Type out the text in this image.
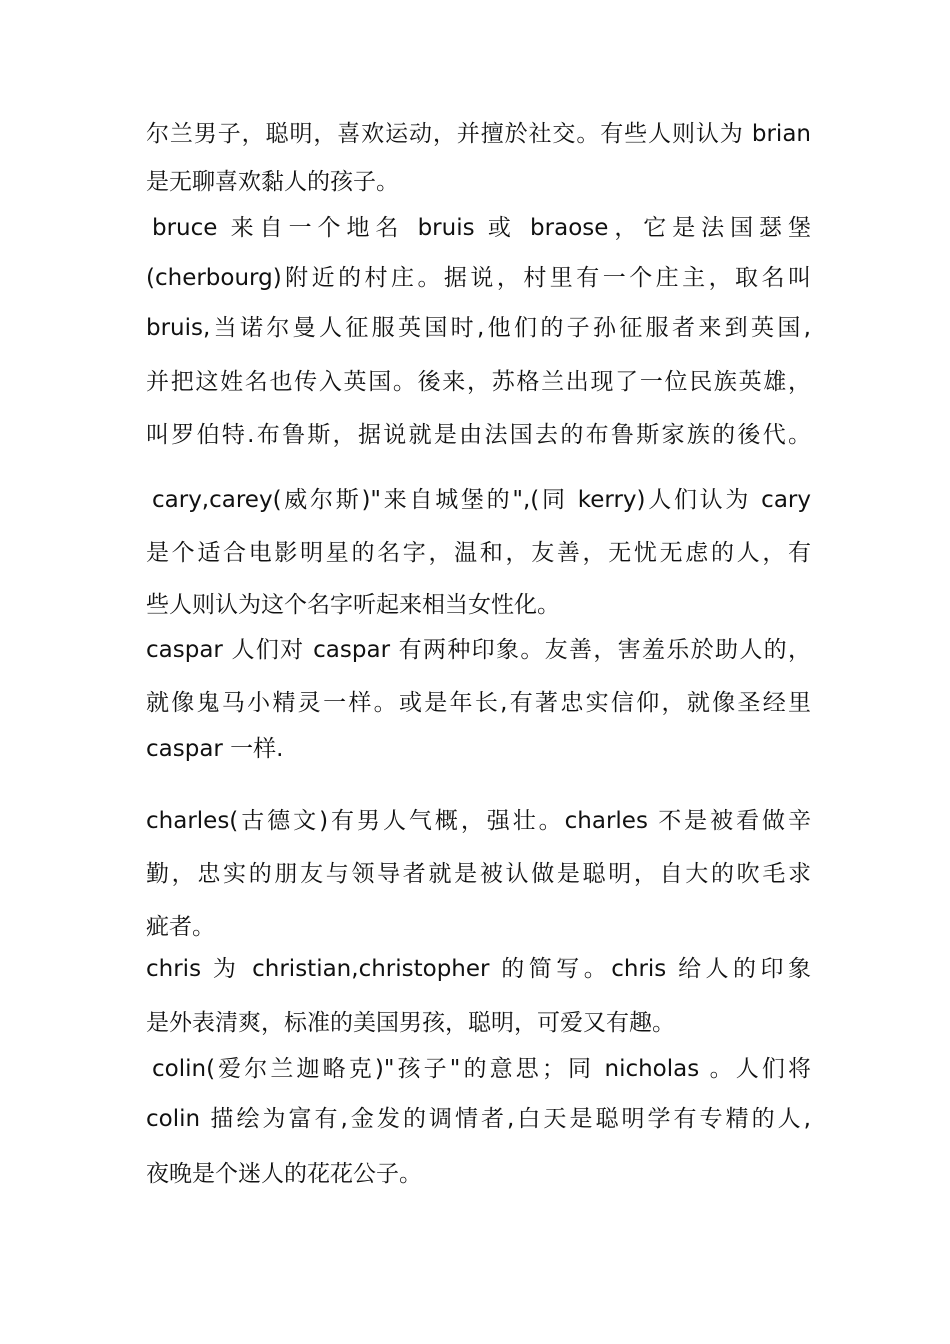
尔兰男子，聪明，喜欢运动，并擅於社交。有些人则认为 brian
是无聊喜欢黏人的孩子。
bruce 来自一个地名 bruis 或 braose，它是法国瑟堡
(cherbourg)附近的村庄。据说，村里有一个庄主，取名叫
bruis,当诺尔曼人征服英国时,他们的子孙征服者来到英国,
并把这姓名也传入英国。後来，苏格兰出现了一位民族英雄，
叫罗伯特.布鲁斯，据说就是由法国去的布鲁斯家族的後代。
cary,carey(威尔斯)"来自城堡的",(同 kerry)人们认为 cary
是个适合电影明星的名字，温和，友善，无忧无虑的人，有
些人则认为这个名字听起来相当女性化。
caspar 人们对 caspar 有两种印象。友善，害羞乐於助人的，
就像鬼马小精灵一样。或是年长,有著忠实信仰，就像圣经里
caspar 一样.
charles(古德文)有男人气概，强壮。charles 不是被看做辛
勤，忠实的朋友与领导者就是被认做是聪明，自大的吹毛求
疵者。
chris 为 christian,christopher 的简写。chris 给人的印象
是外表清爽，标准的美国男孩，聪明，可爱又有趣。
colin(爱尔兰迦略克)"孩子"的意思；同 nicholas 。人们将
colin 描绘为富有,金发的调情者,白天是聪明学有专精的人,
夜晚是个迷人的花花公子。
